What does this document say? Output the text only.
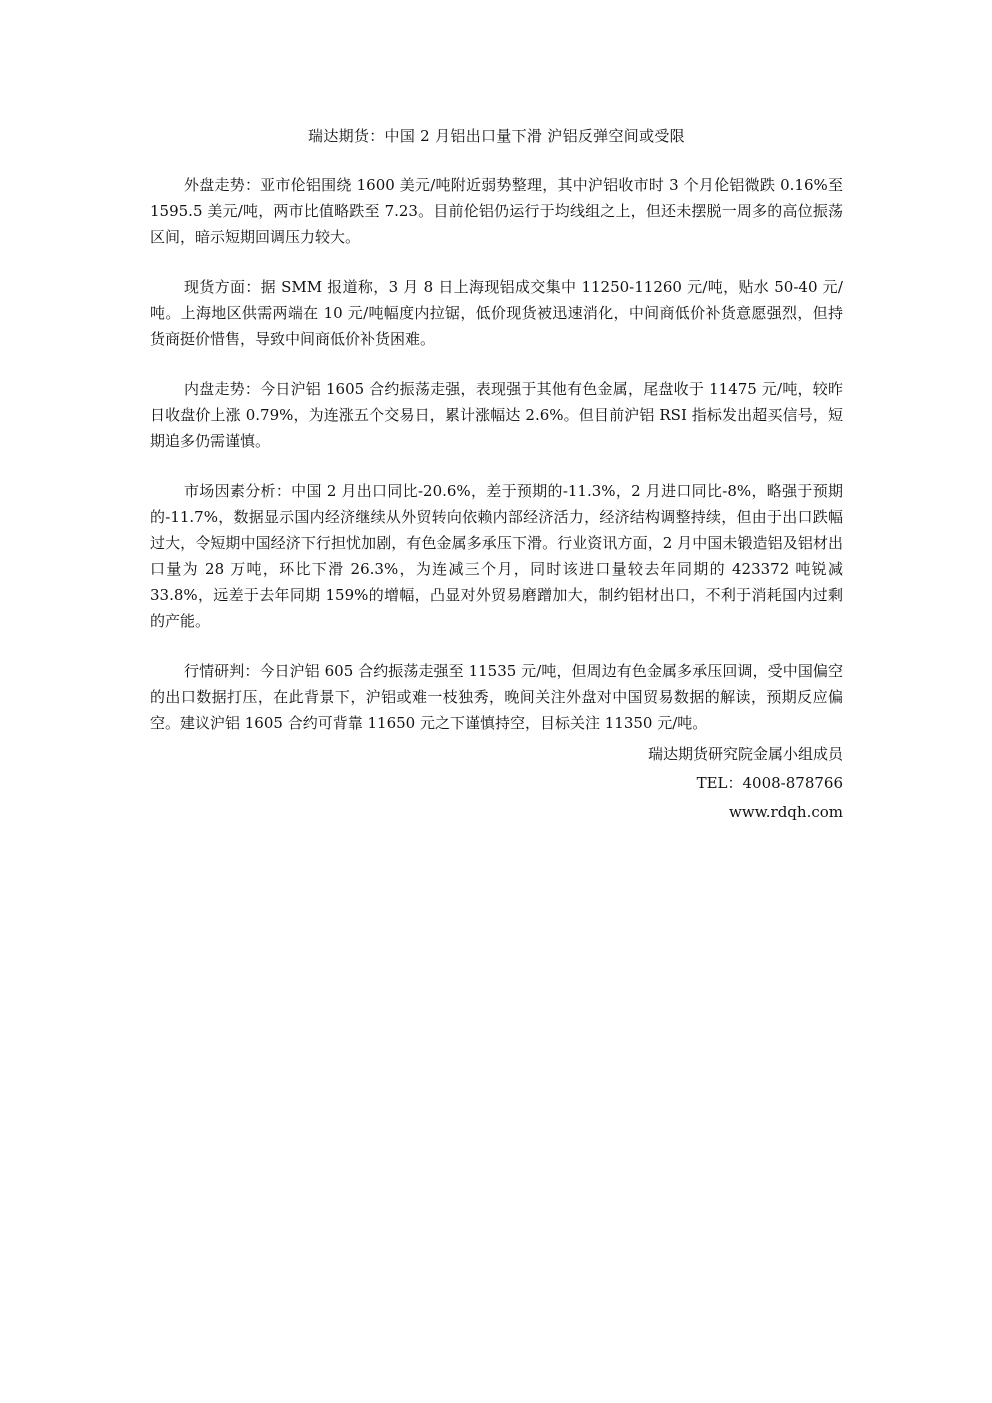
瑞达期货：中国 2 月铝出口量下滑 沪铝反弹空间或受限

外盘走势：亚市伦铝围绕 1600 美元/吨附近弱势整理，其中沪铝收市时 3 个月伦铝微跌 0.16%至 1595.5 美元/吨，两市比值略跌至 7.23。目前伦铝仍运行于均线组之上，但还未摆脱一周多的高位振荡区间，暗示短期回调压力较大。

现货方面：据 SMM 报道称，3 月 8 日上海现铝成交集中 11250-11260 元/吨，贴水 50-40 元/吨。上海地区供需两端在 10 元/吨幅度内拉锯，低价现货被迅速消化，中间商低价补货意愿强烈，但持货商挺价惜售，导致中间商低价补货困难。

内盘走势：今日沪铝 1605 合约振荡走强，表现强于其他有色金属，尾盘收于 11475 元/吨，较昨日收盘价上涨 0.79%，为连涨五个交易日，累计涨幅达 2.6%。但目前沪铝 RSI 指标发出超买信号，短期追多仍需谨慎。

市场因素分析：中国 2 月出口同比-20.6%，差于预期的-11.3%，2 月进口同比-8%，略强于预期的-11.7%，数据显示国内经济继续从外贸转向依赖内部经济活力，经济结构调整持续，但由于出口跌幅过大，令短期中国经济下行担忧加剧，有色金属多承压下滑。行业资讯方面，2 月中国未锻造铝及铝材出口量为 28 万吨，环比下滑 26.3%，为连减三个月，同时该进口量较去年同期的 423372 吨锐减 33.8%，远差于去年同期 159%的增幅，凸显对外贸易磨蹭加大，制约铝材出口，不利于消耗国内过剩的产能。

行情研判：今日沪铝 605 合约振荡走强至 11535 元/吨，但周边有色金属多承压回调，受中国偏空的出口数据打压，在此背景下，沪铝或难一枝独秀，晚间关注外盘对中国贸易数据的解读，预期反应偏空。建议沪铝 1605 合约可背靠 11650 元之下谨慎持空，目标关注 11350 元/吨。

瑞达期货研究院金属小组成员
TEL：4008-878766
www.rdqh.com
